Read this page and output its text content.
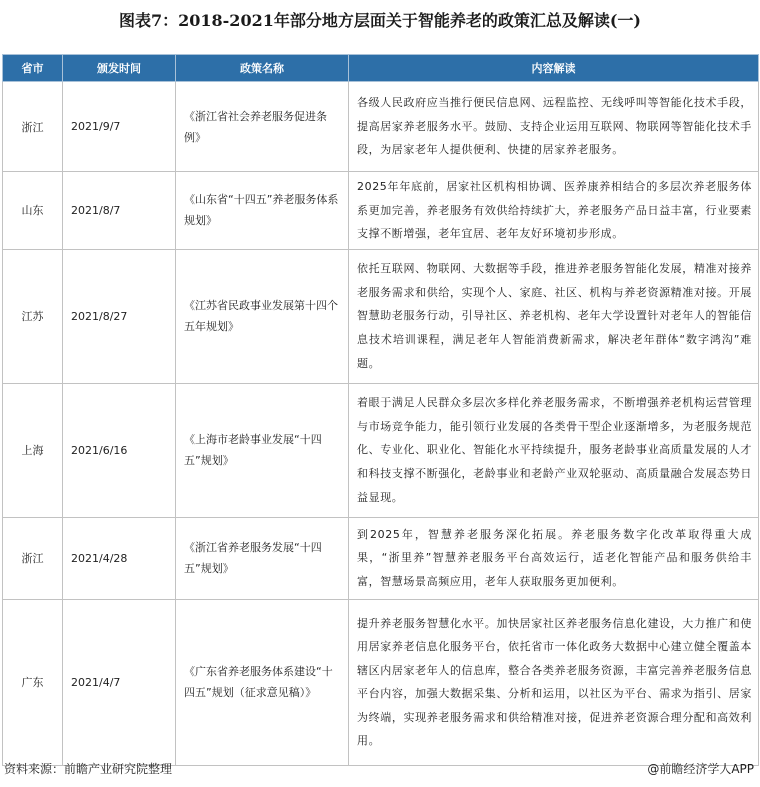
图表7：2018-2021年部分地方层面关于智能养老的政策汇总及解读(一)
省市	颁发时间	政策名称	内容解读
浙江	2021/9/7	《浙江省社会养老服务促进条例》	各级人民政府应当推行便民信息网、远程监控、无线呼叫等智能化技术手段，提高居家养老服务水平。鼓励、支持企业运用互联网、物联网等智能化技术手段，为居家老年人提供便利、快捷的居家养老服务。
山东	2021/8/7	《山东省“十四五”养老服务体系规划》	2025年年底前，居家社区机构相协调、医养康养相结合的多层次养老服务体系更加完善，养老服务有效供给持续扩大，养老服务产品日益丰富，行业要素支撑不断增强，老年宜居、老年友好环境初步形成。
江苏	2021/8/27	《江苏省民政事业发展第十四个五年规划》	依托互联网、物联网、大数据等手段，推进养老服务智能化发展，精准对接养老服务需求和供给，实现个人、家庭、社区、机构与养老资源精准对接。开展智慧助老服务行动，引导社区、养老机构、老年大学设置针对老年人的智能信息技术培训课程，满足老年人智能消费新需求，解决老年群体“数字鸿沟”难题。
上海	2021/6/16	《上海市老龄事业发展“十四五”规划》	着眼于满足人民群众多层次多样化养老服务需求，不断增强养老机构运营管理与市场竞争能力，能引领行业发展的各类骨干型企业逐渐增多，为老服务规范化、专业化、职业化、智能化水平持续提升，服务老龄事业高质量发展的人才和科技支撑不断强化，老龄事业和老龄产业双轮驱动、高质量融合发展态势日益显现。
浙江	2021/4/28	《浙江省养老服务发展“十四五”规划》	到2025年，智慧养老服务深化拓展。养老服务数字化改革取得重大成果，“浙里养”智慧养老服务平台高效运行，适老化智能产品和服务供给丰富，智慧场景高频应用，老年人获取服务更加便利。
广东	2021/4/7	《广东省养老服务体系建设“十四五”规划（征求意见稿）》	提升养老服务智慧化水平。加快居家社区养老服务信息化建设，大力推广和使用居家养老信息化服务平台，依托省市一体化政务大数据中心建立健全覆盖本辖区内居家老年人的信息库，整合各类养老服务资源，丰富完善养老服务信息平台内容，加强大数据采集、分析和运用，以社区为平台、需求为指引、居家为终端，实现养老服务需求和供给精准对接，促进养老资源合理分配和高效利用。
资料来源：前瞻产业研究院整理	@前瞻经济学人APP
